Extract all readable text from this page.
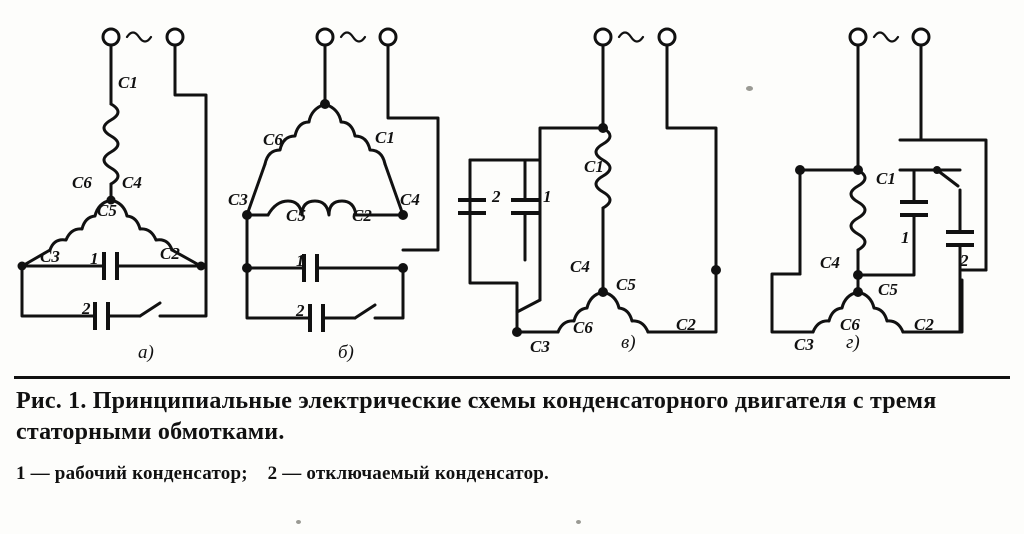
С1
С6 С4
С5
С3	С2
1
2
а)
С6	С1
С3
С5	С2
С4
1
2
б)
С1
С4
С5
С3
С6	С2
2	1
в)
С1
С4
С5
С3
С6	С2
1
2
г)

Рис. 1. Принципиальные электрические схемы конденсаторного двигателя с тремя статорными обмотками.

1 — рабочий конденсатор; 2 — отключаемый конденсатор.
